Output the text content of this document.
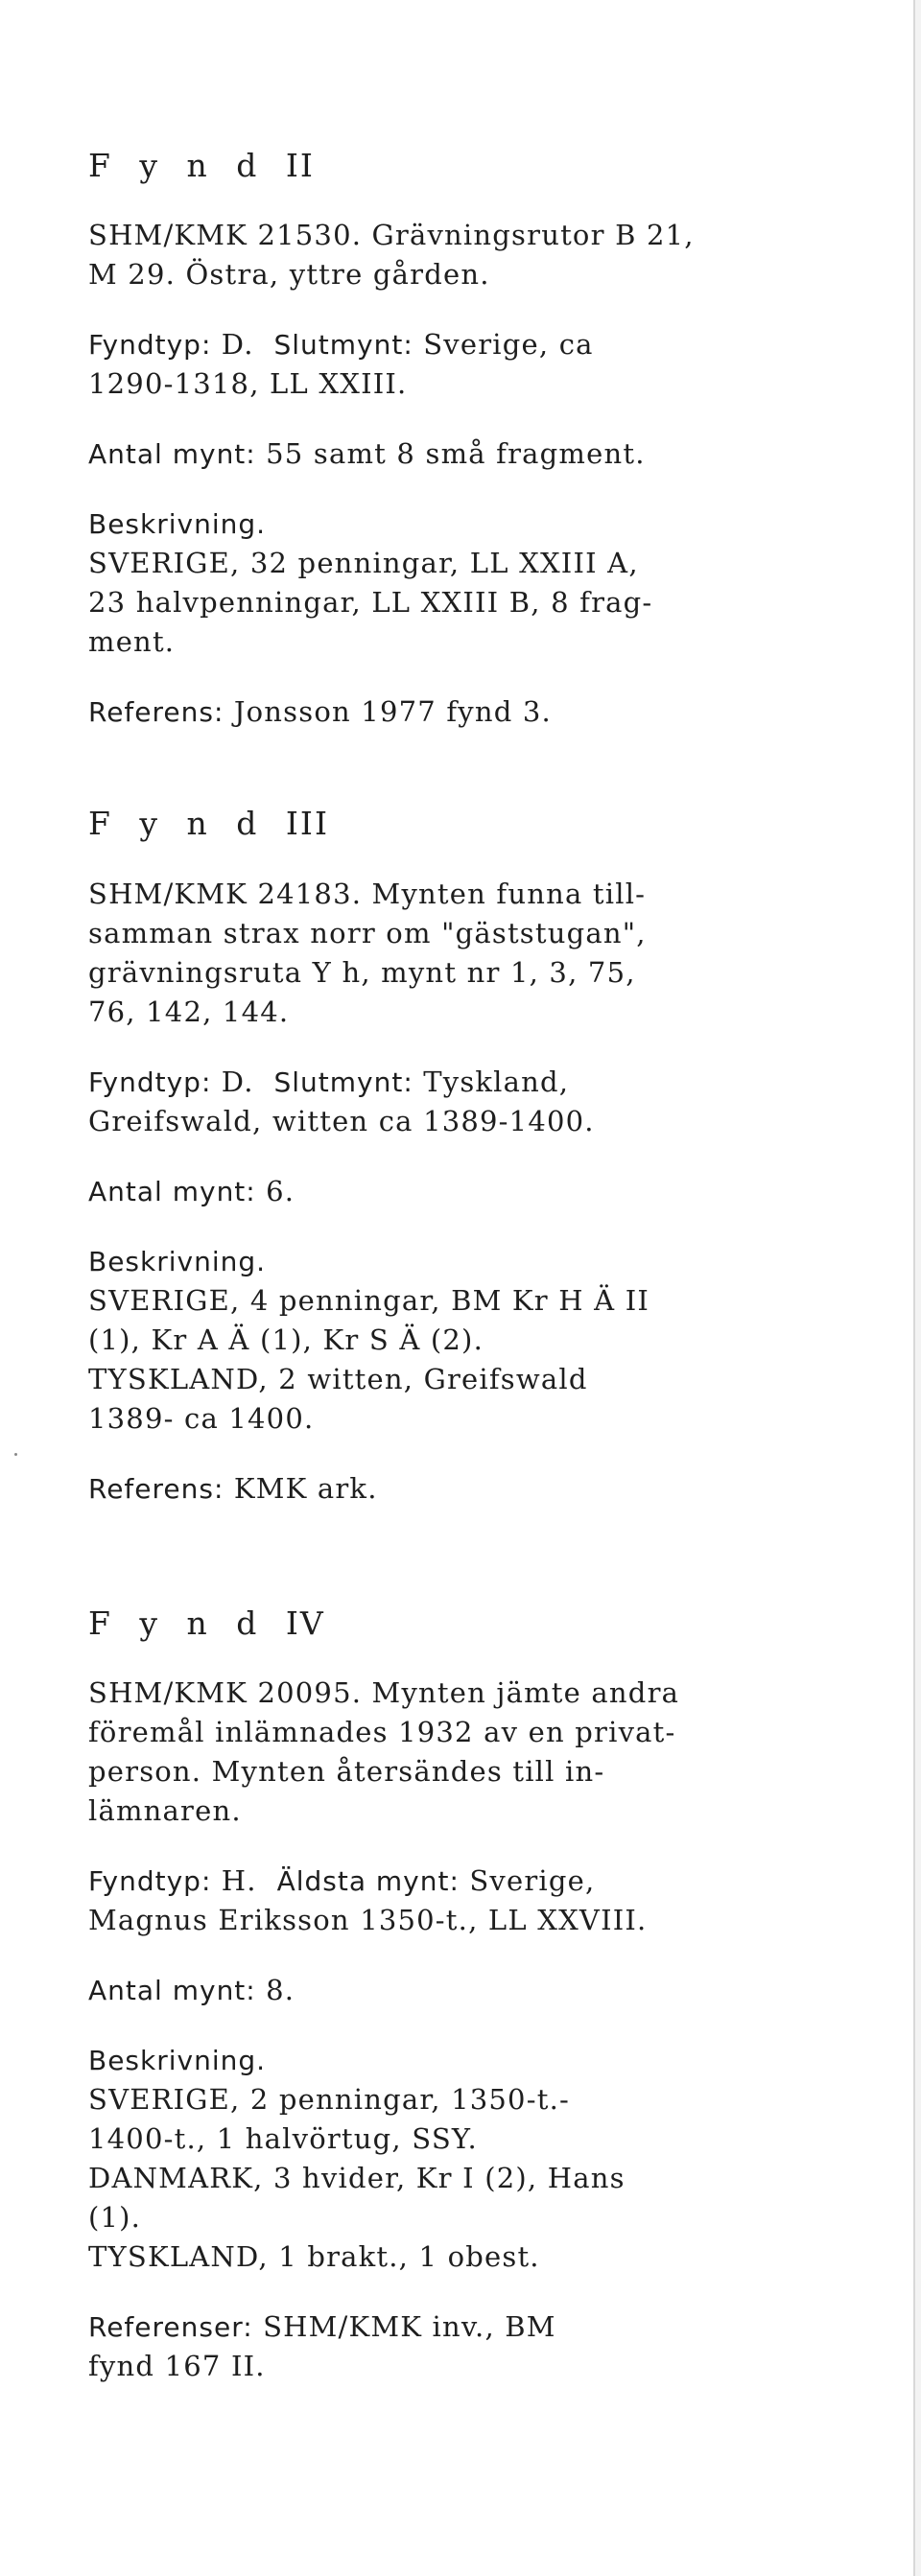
F y n d II
SHM/KMK 21530. Grävningsrutor B 21,
M 29. Östra, yttre gården.
Fyndtyp: D. Slutmynt: Sverige, ca
1290-1318, LL XXIII.
Antal mynt: 55 samt 8 små fragment.
Beskrivning.
SVERIGE, 32 penningar, LL XXIII A,
23 halvpenningar, LL XXIII B, 8 frag-
ment.
Referens: Jonsson 1977 fynd 3.
F y n d III
SHM/KMK 24183. Mynten funna till-
samman strax norr om "gäststugan",
grävningsruta Y h, mynt nr 1, 3, 75,
76, 142, 144.
Fyndtyp: D. Slutmynt: Tyskland,
Greifswald, witten ca 1389-1400.
Antal mynt: 6.
Beskrivning.
SVERIGE, 4 penningar, BM Kr H Ä II
(1), Kr A Ä (1), Kr S Ä (2).
TYSKLAND, 2 witten, Greifswald
1389- ca 1400.
Referens: KMK ark.
F y n d IV
SHM/KMK 20095. Mynten jämte andra
föremål inlämnades 1932 av en privat-
person. Mynten återsändes till in-
lämnaren.
Fyndtyp: H. Äldsta mynt: Sverige,
Magnus Eriksson 1350-t., LL XXVIII.
Antal mynt: 8.
Beskrivning.
SVERIGE, 2 penningar, 1350-t.-
1400-t., 1 halvörtug, SSY.
DANMARK, 3 hvider, Kr I (2), Hans
(1).
TYSKLAND, 1 brakt., 1 obest.
Referenser: SHM/KMK inv., BM
fynd 167 II.
